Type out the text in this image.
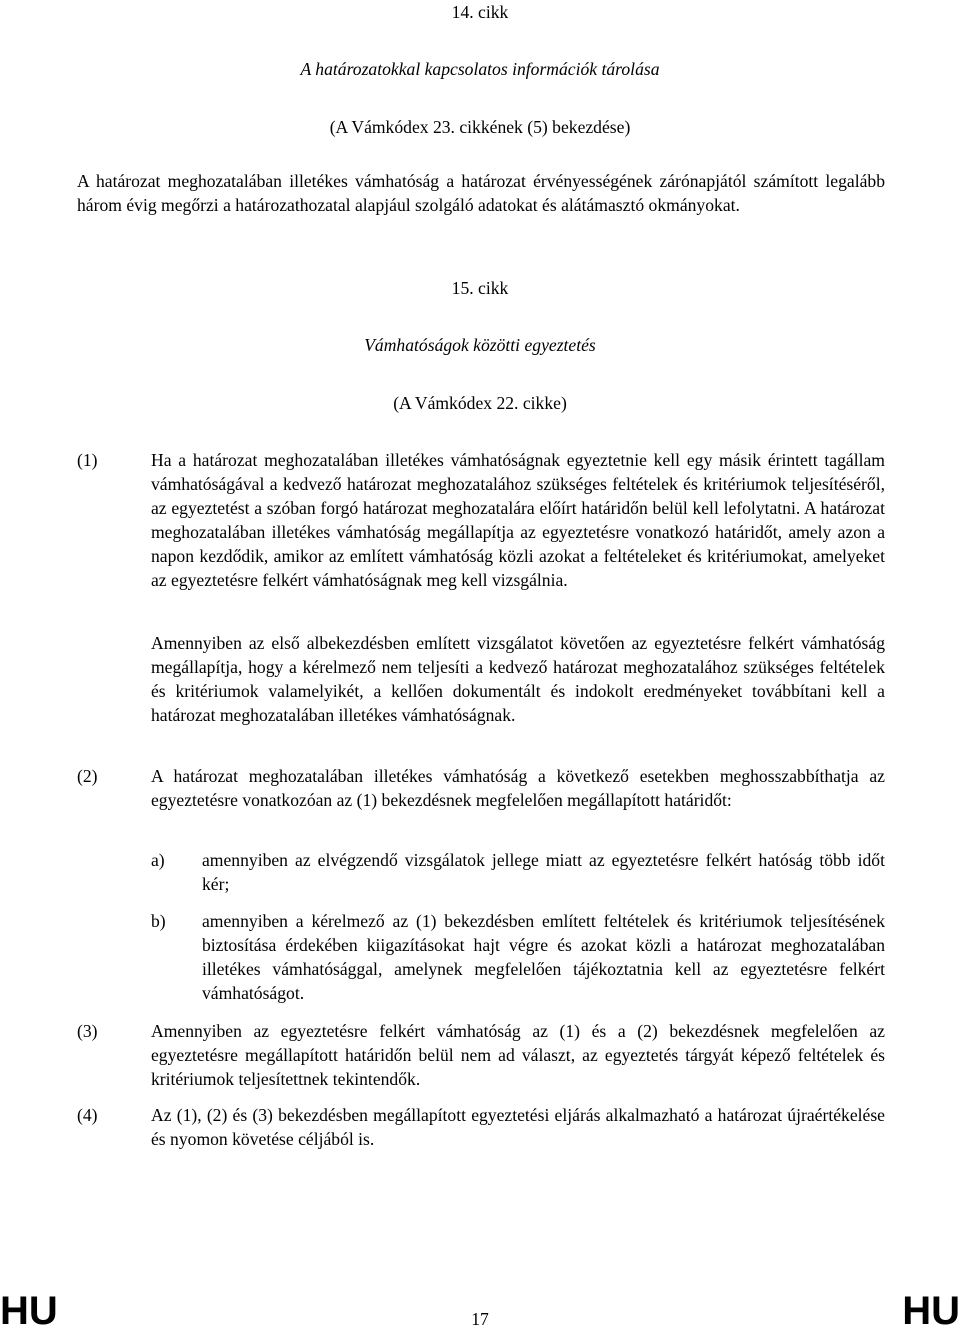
14. cikk
A határozatokkal kapcsolatos információk tárolása
(A Vámkódex 23. cikkének (5) bekezdése)

A határozat meghozatalában illetékes vámhatóság a határozat érvényességének zárónapjától számított legalább három évig megőrzi a határozathozatal alapjául szolgáló adatokat és alátámasztó okmányokat.

15. cikk
Vámhatóságok közötti egyeztetés
(A Vámkódex 22. cikke)
(1)	Ha a határozat meghozatalában illetékes vámhatóságnak egyeztetnie kell egy másik érintett tagállam vámhatóságával a kedvező határozat meghozatalához szükséges feltételek és kritériumok teljesítéséről, az egyeztetést a szóban forgó határozat meghozatalára előírt határidőn belül kell lefolytatni. A határozat meghozatalában illetékes vámhatóság megállapítja az egyeztetésre vonatkozó határidőt, amely azon a napon kezdődik, amikor az említett vámhatóság közli azokat a feltételeket és kritériumokat, amelyeket az egyeztetésre felkért vámhatóságnak meg kell vizsgálnia.
Amennyiben az első albekezdésben említett vizsgálatot követően az egyeztetésre felkért vámhatóság megállapítja, hogy a kérelmező nem teljesíti a kedvező határozat meghozatalához szükséges feltételek és kritériumok valamelyikét, a kellően dokumentált és indokolt eredményeket továbbítani kell a határozat meghozatalában illetékes vámhatóságnak.
(2)	A határozat meghozatalában illetékes vámhatóság a következő esetekben meghosszabbíthatja az egyeztetésre vonatkozóan az (1) bekezdésnek megfelelően megállapított határidőt:
a) amennyiben az elvégzendő vizsgálatok jellege miatt az egyeztetésre felkért hatóság több időt kér;
b) amennyiben a kérelmező az (1) bekezdésben említett feltételek és kritériumok teljesítésének biztosítása érdekében kiigazításokat hajt végre és azokat közli a határozat meghozatalában illetékes vámhatósággal, amelynek megfelelően tájékoztatnia kell az egyeztetésre felkért vámhatóságot.
(3)	Amennyiben az egyeztetésre felkért vámhatóság az (1) és a (2) bekezdésnek megfelelően az egyeztetésre megállapított határidőn belül nem ad választ, az egyeztetés tárgyát képező feltételek és kritériumok teljesítettnek tekintendők.
(4)	Az (1), (2) és (3) bekezdésben megállapított egyeztetési eljárás alkalmazható a határozat újraértékelése és nyomon követése céljából is.
HU	17	HU
